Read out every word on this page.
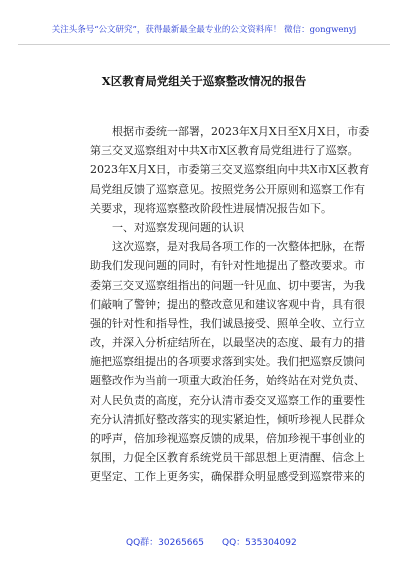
关注头条号“公文研究”，获得最新最全最专业的公文资料库！ 微信：gongwenyj
X区教育局党组关于巡察整改情况的报告
根据市委统一部署，2023年X月X日至X月X日，市委
第三交叉巡察组对中共X市X区教育局党组进行了巡察。
2023年X月X日，市委第三交叉巡察组向中共X市X区教育
局党组反馈了巡察意见。按照党务公开原则和巡察工作有
关要求，现将巡察整改阶段性进展情况报告如下。
一、对巡察发现问题的认识
这次巡察，是对我局各项工作的一次整体把脉，在帮
助我们发现问题的同时，有针对性地提出了整改要求。市
委第三交叉巡察组指出的问题一针见血、切中要害，为我
们敲响了警钟；提出的整改意见和建议客观中肯，具有很
强的针对性和指导性，我们诚恳接受、照单全收、立行立
改，并深入分析症结所在，以最坚决的态度、最有力的措
施把巡察组提出的各项要求落到实处。我们把巡察反馈问
题整改作为当前一项重大政治任务，始终站在对党负责、
对人民负责的高度，充分认清市委交叉巡察工作的重要性
充分认清抓好整改落实的现实紧迫性，倾听珍视人民群众
的呼声，倍加珍视巡察反馈的成果，倍加珍视干事创业的
氛围，力促全区教育系统党员干部思想上更清醒、信念上
更坚定、工作上更务实，确保群众明显感受到巡察带来的
QQ群：30265665 QQ：535304092
